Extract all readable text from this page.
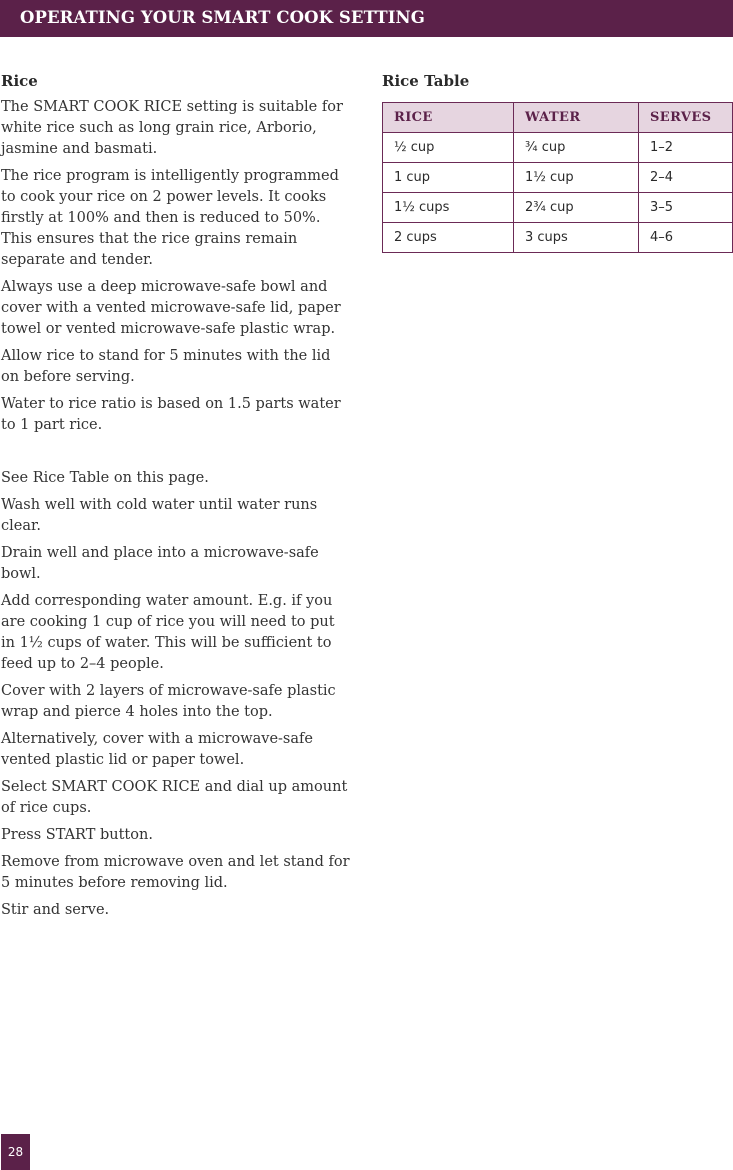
OPERATING YOUR SMART COOK SETTING
Rice

The SMART COOK RICE setting is suitable for white rice such as long grain rice, Arborio, jasmine and basmati.

The rice program is intelligently programmed to cook your rice on 2 power levels. It cooks firstly at 100% and then is reduced to 50%. This ensures that the rice grains remain separate and tender.

Always use a deep microwave-safe bowl and cover with a vented microwave-safe lid, paper towel or vented microwave-safe plastic wrap.

Allow rice to stand for 5 minutes with the lid on before serving.

Water to rice ratio is based on 1.5 parts water to 1 part rice.

See Rice Table on this page.

Wash well with cold water until water runs clear.

Drain well and place into a microwave-safe bowl.

Add corresponding water amount. E.g. if you are cooking 1 cup of rice you will need to put in 1½ cups of water. This will be sufficient to feed up to 2–4 people.

Cover with 2 layers of microwave-safe plastic wrap and pierce 4 holes into the top.

Alternatively, cover with a microwave-safe vented plastic lid or paper towel.

Select SMART COOK RICE and dial up amount of rice cups.

Press START button.

Remove from microwave oven and let stand for 5 minutes before removing lid.

Stir and serve.

Rice Table
RICE	WATER	SERVES
½ cup	¾ cup	1–2
1 cup	1½ cup	2–4
1½ cups	2¾ cup	3–5
2 cups	3 cups	4–6
28
